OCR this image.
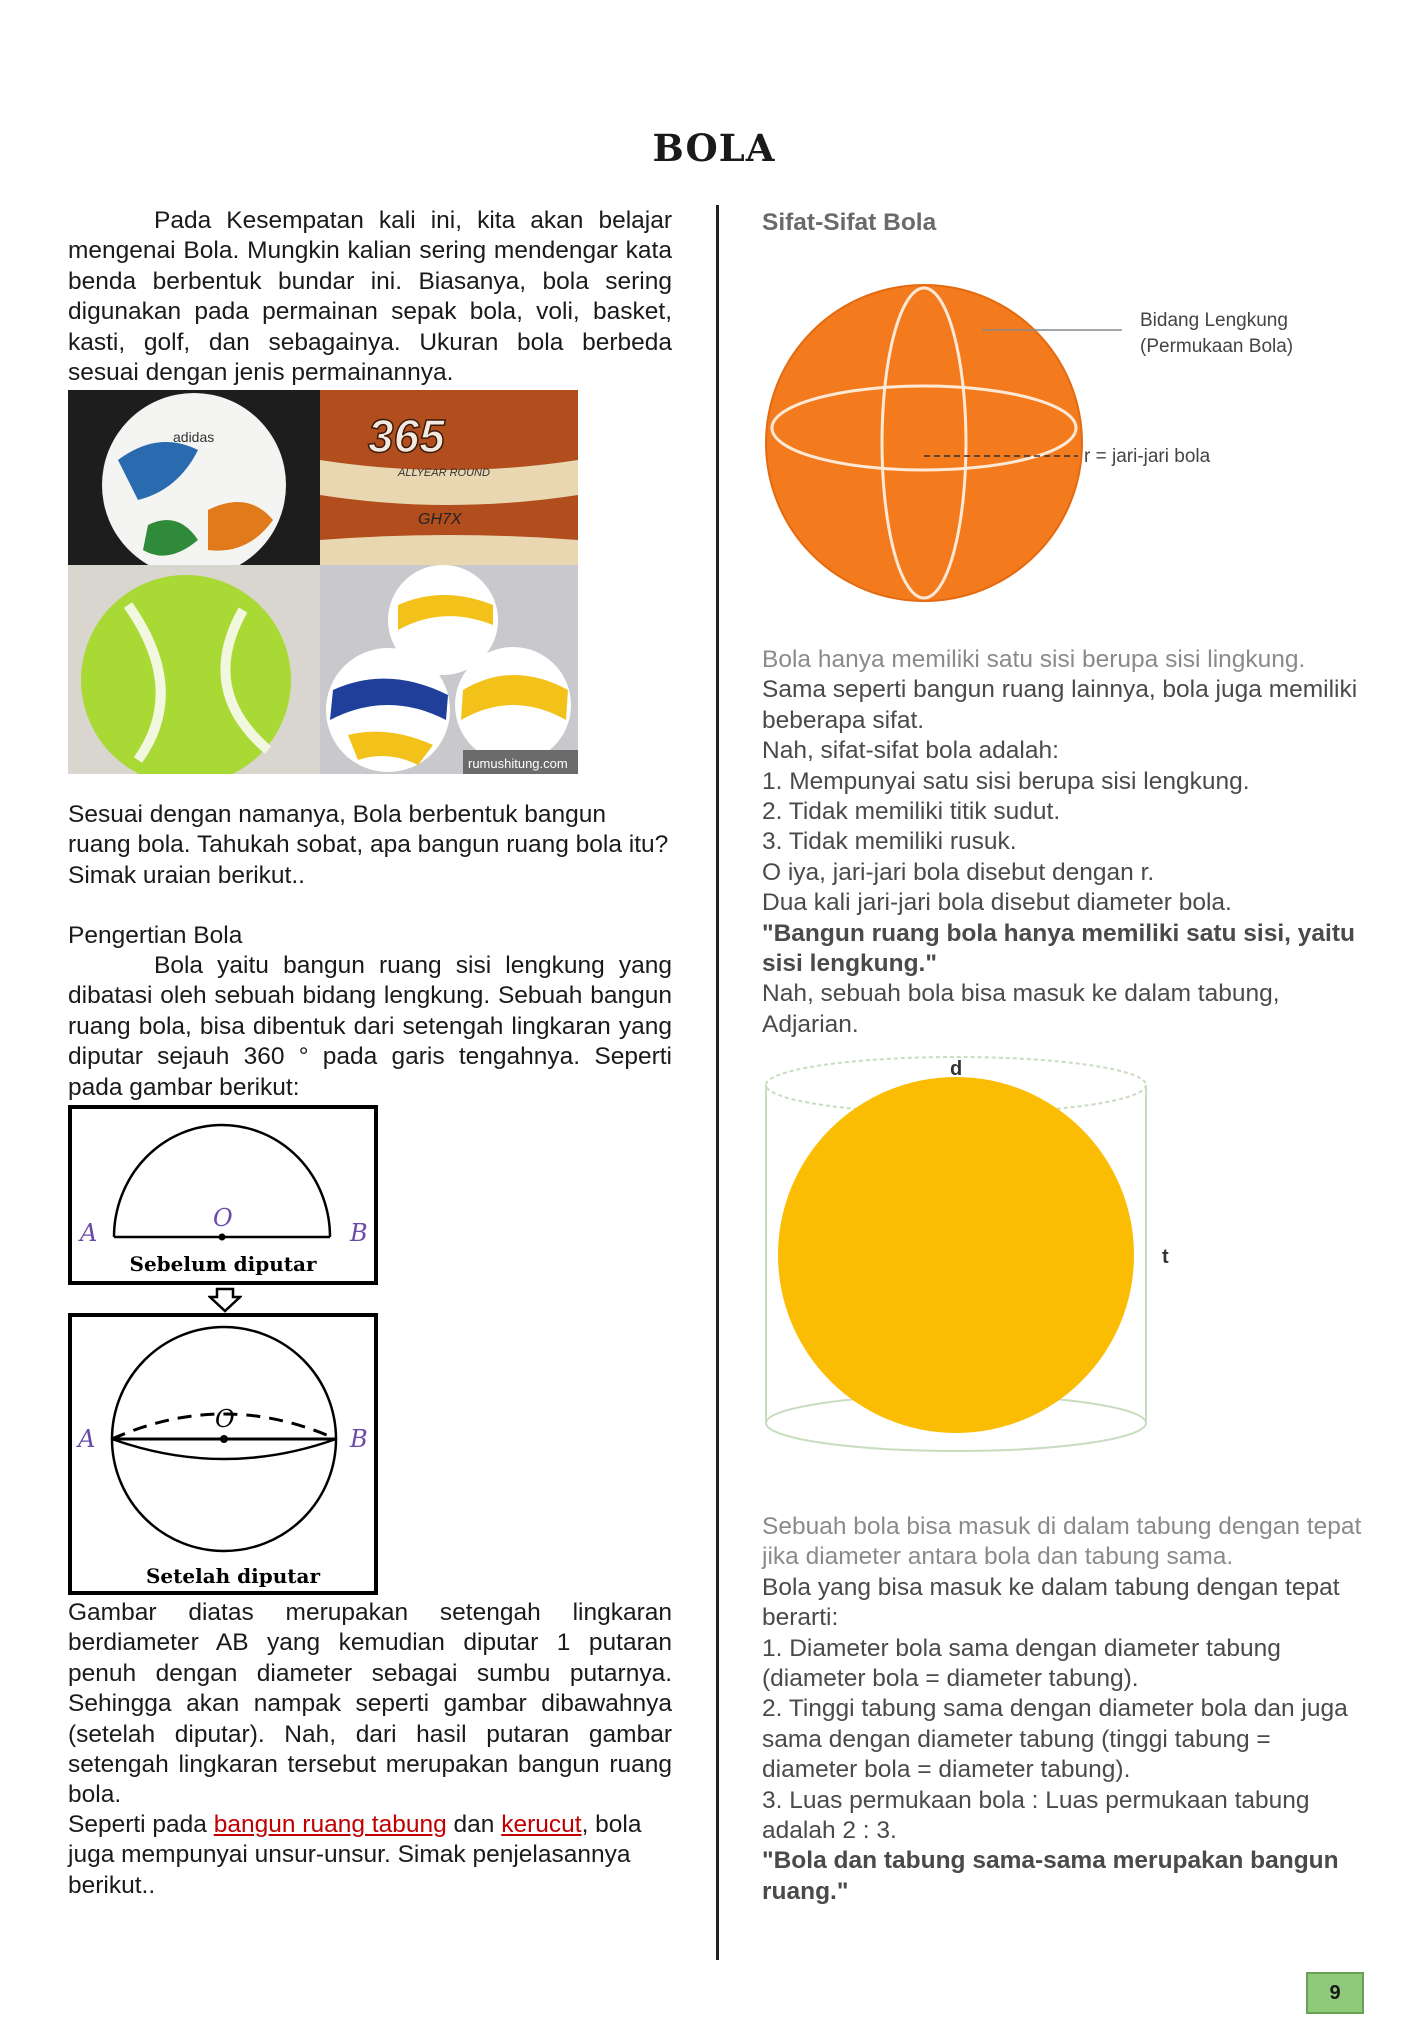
BOLA

Pada Kesempatan kali ini, kita akan belajar mengenai Bola. Mungkin kalian sering mendengar kata benda berbentuk bundar ini. Biasanya, bola sering digunakan pada permainan sepak bola, voli, basket, kasti, golf, dan sebagainya. Ukuran bola berbeda sesuai dengan jenis permainannya.

adidas	365
ALLYEAR ROUND
GH7X
rumushitung.com

Sesuai dengan namanya, Bola berbentuk bangun ruang bola. Tahukah sobat, apa bangun ruang bola itu? Simak uraian berikut..

Pengertian Bola

Bola yaitu bangun ruang sisi lengkung yang dibatasi oleh sebuah bidang lengkung. Sebuah bangun ruang bola, bisa dibentuk dari setengah lingkaran yang diputar sejauh 360 ° pada garis tengahnya. Seperti pada gambar berikut:

A
O
B
Sebelum diputar
A
O
B
Setelah diputar

Gambar diatas merupakan setengah lingkaran berdiameter AB yang kemudian diputar 1 putaran penuh dengan diameter sebagai sumbu putarnya. Sehingga akan nampak seperti gambar dibawahnya (setelah diputar). Nah, dari hasil putaran gambar setengah lingkaran tersebut merupakan bangun ruang bola.

Seperti pada bangun ruang tabung dan kerucut, bola juga mempunyai unsur-unsur. Simak penjelasannya berikut..

Sifat-Sifat Bola

Bidang Lengkung
(Permukaan Bola)
r = jari-jari bola

Bola hanya memiliki satu sisi berupa sisi lingkung.

Sama seperti bangun ruang lainnya, bola juga memiliki beberapa sifat.

Nah, sifat-sifat bola adalah:

1. Mempunyai satu sisi berupa sisi lengkung.

2. Tidak memiliki titik sudut.

3. Tidak memiliki rusuk.

O iya, jari-jari bola disebut dengan r.

Dua kali jari-jari bola disebut diameter bola.

"Bangun ruang bola hanya memiliki satu sisi, yaitu sisi lengkung."

Nah, sebuah bola bisa masuk ke dalam tabung, Adjarian.

d
t

Sebuah bola bisa masuk di dalam tabung dengan tepat jika diameter antara bola dan tabung sama.

Bola yang bisa masuk ke dalam tabung dengan tepat berarti:

1. Diameter bola sama dengan diameter tabung (diameter bola = diameter tabung).

2. Tinggi tabung sama dengan diameter bola dan juga sama dengan diameter tabung (tinggi tabung = diameter bola = diameter tabung).

3. Luas permukaan bola : Luas permukaan tabung adalah 2 : 3.

"Bola dan tabung sama-sama merupakan bangun ruang."

9
